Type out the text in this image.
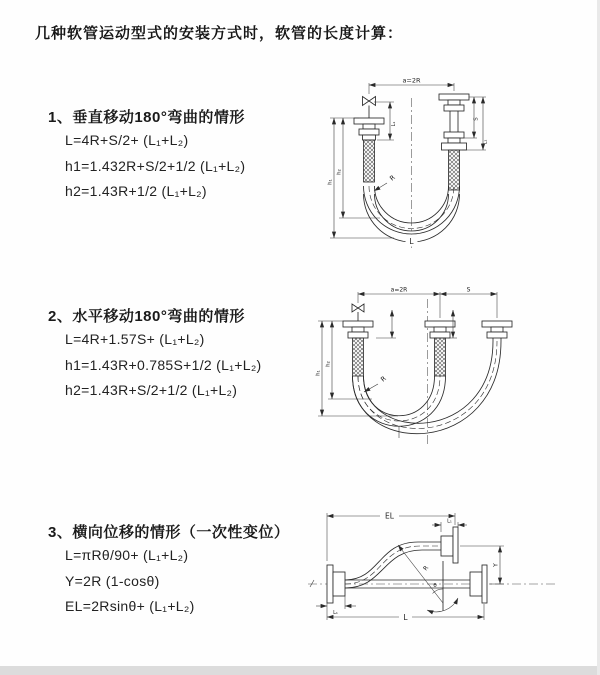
几种软管运动型式的安装方式时，软管的长度计算：
1、垂直移动180°弯曲的情形
L=4R+S/2+ (L₁+L₂)
h1=1.432R+S/2+1/2 (L₁+L₂)
h2=1.43R+1/2 (L₁+L₂)
2、水平移动180°弯曲的情形
L=4R+1.57S+ (L₁+L₂)
h1=1.43R+0.785S+1/2 (L₁+L₂)
h2=1.43R+S/2+1/2 (L₁+L₂)
3、横向位移的情形（一次性变位）
L=πRθ/90+ (L₁+L₂)
Y=2R (1-cosθ)
EL=2Rsinθ+ (L₁+L₂)
a=2R
L₁
S
L₁
h₁
h₂
R
L
a=2R	S
h₁
h₂
R
EL
L₁
Y
R
θ
L₁	L
